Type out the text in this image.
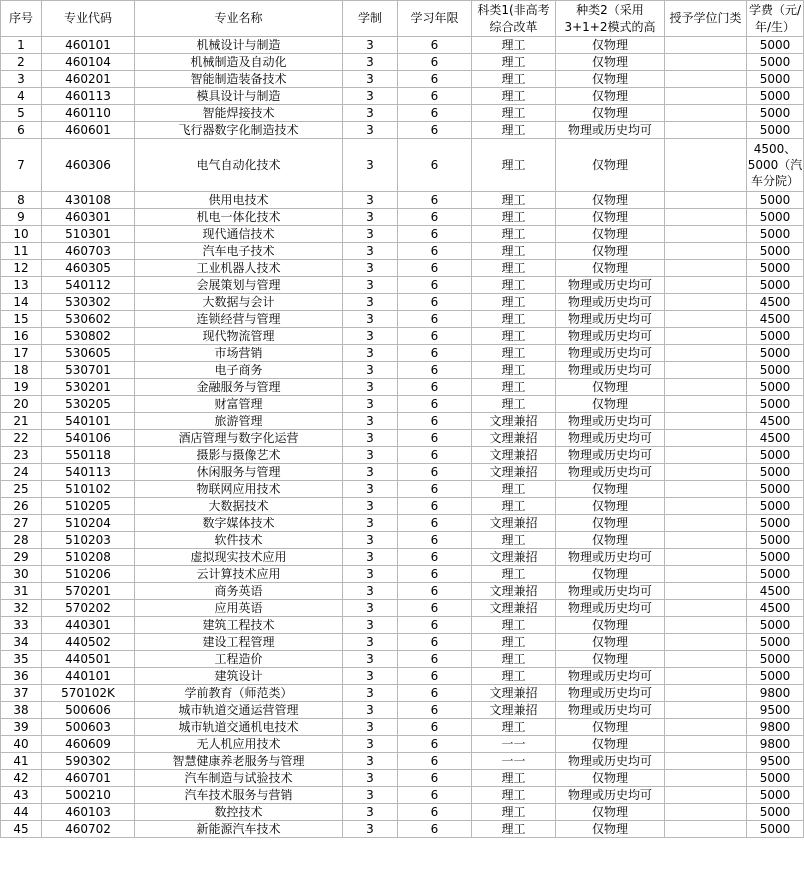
序号	专业代码	专业名称	学制	学习年限	科类1(非高考综合改革	种类2（采用3+1+2模式的高	授予学位门类	学费（元/年/生）
1	460101	机械设计与制造	3	6	理工	仅物理		5000
2	460104	机械制造及自动化	3	6	理工	仅物理		5000
3	460201	智能制造装备技术	3	6	理工	仅物理		5000
4	460113	模具设计与制造	3	6	理工	仅物理		5000
5	460110	智能焊接技术	3	6	理工	仅物理		5000
6	460601	飞行器数字化制造技术	3	6	理工	物理或历史均可		5000
7	460306	电气自动化技术	3	6	理工	仅物理		4500、5000（汽车分院）
8	430108	供用电技术	3	6	理工	仅物理		5000
9	460301	机电一体化技术	3	6	理工	仅物理		5000
10	510301	现代通信技术	3	6	理工	仅物理		5000
11	460703	汽车电子技术	3	6	理工	仅物理		5000
12	460305	工业机器人技术	3	6	理工	仅物理		5000
13	540112	会展策划与管理	3	6	理工	物理或历史均可		5000
14	530302	大数据与会计	3	6	理工	物理或历史均可		4500
15	530602	连锁经营与管理	3	6	理工	物理或历史均可		4500
16	530802	现代物流管理	3	6	理工	物理或历史均可		5000
17	530605	市场营销	3	6	理工	物理或历史均可		5000
18	530701	电子商务	3	6	理工	物理或历史均可		5000
19	530201	金融服务与管理	3	6	理工	仅物理		5000
20	530205	财富管理	3	6	理工	仅物理		5000
21	540101	旅游管理	3	6	文理兼招	物理或历史均可		4500
22	540106	酒店管理与数字化运营	3	6	文理兼招	物理或历史均可		4500
23	550118	摄影与摄像艺术	3	6	文理兼招	物理或历史均可		5000
24	540113	休闲服务与管理	3	6	文理兼招	物理或历史均可		5000
25	510102	物联网应用技术	3	6	理工	仅物理		5000
26	510205	大数据技术	3	6	理工	仅物理		5000
27	510204	数字媒体技术	3	6	文理兼招	仅物理		5000
28	510203	软件技术	3	6	理工	仅物理		5000
29	510208	虚拟现实技术应用	3	6	文理兼招	物理或历史均可		5000
30	510206	云计算技术应用	3	6	理工	仅物理		5000
31	570201	商务英语	3	6	文理兼招	物理或历史均可		4500
32	570202	应用英语	3	6	文理兼招	物理或历史均可		4500
33	440301	建筑工程技术	3	6	理工	仅物理		5000
34	440502	建设工程管理	3	6	理工	仅物理		5000
35	440501	工程造价	3	6	理工	仅物理		5000
36	440101	建筑设计	3	6	理工	物理或历史均可		5000
37	570102K	学前教育（师范类）	3	6	文理兼招	物理或历史均可		9800
38	500606	城市轨道交通运营管理	3	6	文理兼招	物理或历史均可		9500
39	500603	城市轨道交通机电技术	3	6	理工	仅物理		9800
40	460609	无人机应用技术	3	6	一一	仅物理		9800
41	590302	智慧健康养老服务与管理	3	6	一一	物理或历史均可		9500
42	460701	汽车制造与试验技术	3	6	理工	仅物理		5000
43	500210	汽车技术服务与营销	3	6	理工	物理或历史均可		5000
44	460103	数控技术	3	6	理工	仅物理		5000
45	460702	新能源汽车技术	3	6	理工	仅物理		5000
